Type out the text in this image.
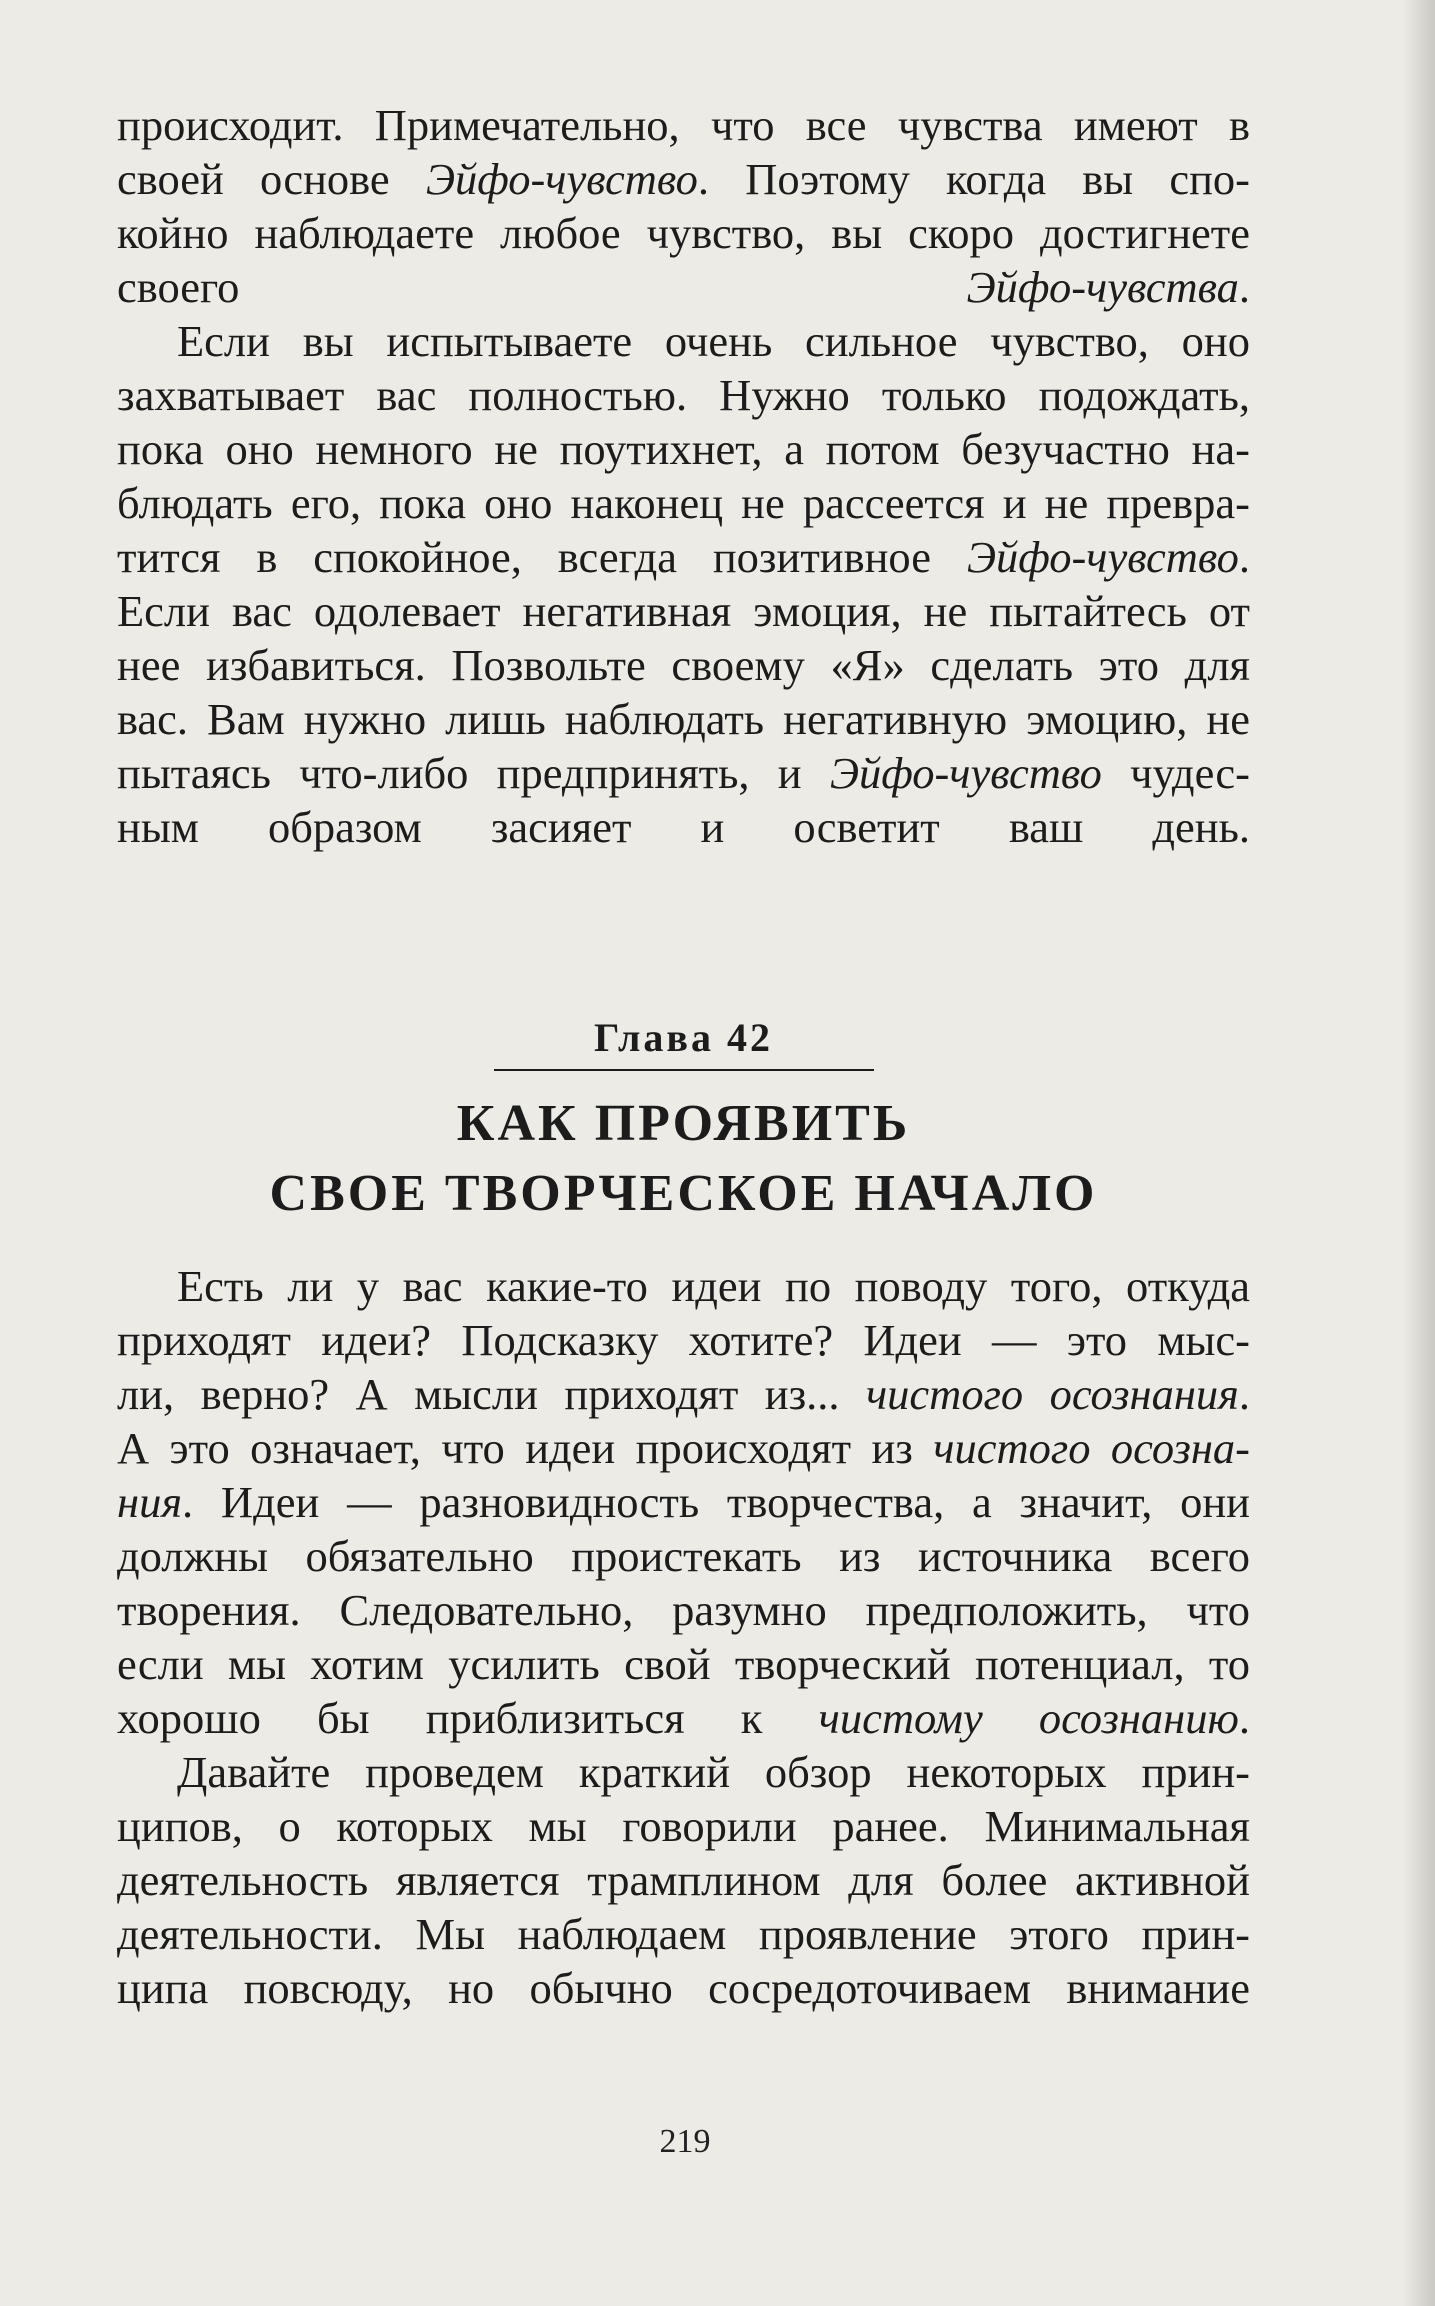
происходит. Примечательно, что все чувства имеют в
своей основе Эйфо-чувство. Поэтому когда вы спо-
койно наблюдаете любое чувство, вы скоро достигнете
своего Эйфо-чувства.
Если вы испытываете очень сильное чувство, оно
захватывает вас полностью. Нужно только подождать,
пока оно немного не поутихнет, а потом безучастно на-
блюдать его, пока оно наконец не рассеется и не превра-
тится в спокойное, всегда позитивное Эйфо-чувство.
Если вас одолевает негативная эмоция, не пытайтесь от
нее избавиться. Позвольте своему «Я» сделать это для
вас. Вам нужно лишь наблюдать негативную эмоцию, не
пытаясь что-либо предпринять, и Эйфо-чувство чудес-
ным образом засияет и осветит ваш день.
Глава 42
КАК ПРОЯВИТЬ
СВОЕ ТВОРЧЕСКОЕ НАЧАЛО
Есть ли у вас какие-то идеи по поводу того, откуда
приходят идеи? Подсказку хотите? Идеи — это мыс-
ли, верно? А мысли приходят из... чистого осознания.
А это означает, что идеи происходят из чистого осозна-
ния. Идеи — разновидность творчества, а значит, они
должны обязательно проистекать из источника всего
творения. Следовательно, разумно предположить, что
если мы хотим усилить свой творческий потенциал, то
хорошо бы приблизиться к чистому осознанию.
Давайте проведем краткий обзор некоторых прин-
ципов, о которых мы говорили ранее. Минимальная
деятельность является трамплином для более активной
деятельности. Мы наблюдаем проявление этого прин-
ципа повсюду, но обычно сосредоточиваем внимание
219
